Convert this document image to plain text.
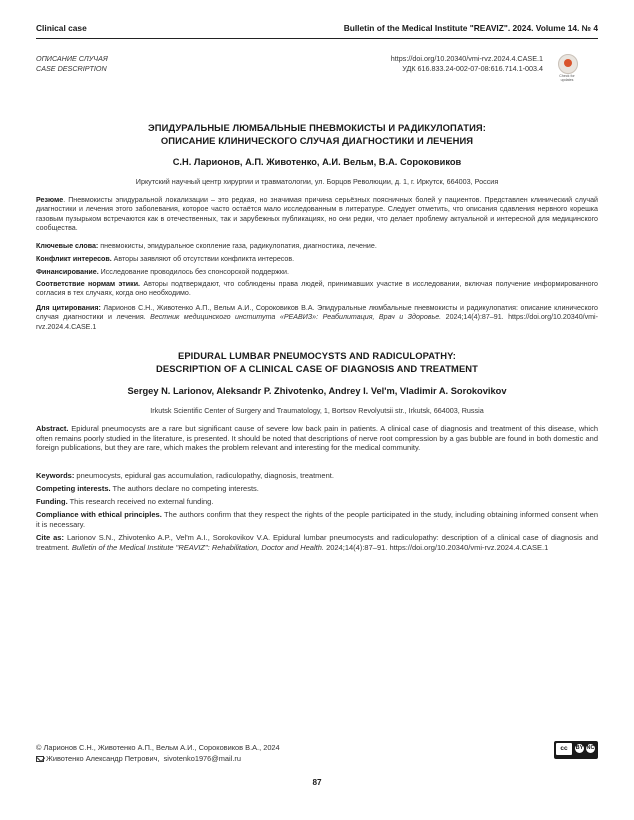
Clinical case	Bulletin of the Medical Institute "REAVIZ". 2024. Volume 14. № 4
ОПИСАНИЕ СЛУЧАЯ
CASE DESCRIPTION
https://doi.org/10.20340/vmi-rvz.2024.4.CASE.1
УДК 616.833.24-002-07-08:616.714.1-003.4
Check for updates
ЭПИДУРАЛЬНЫЕ ЛЮМБАЛЬНЫЕ ПНЕВМОКИСТЫ И РАДИКУЛОПАТИЯ:
ОПИСАНИЕ КЛИНИЧЕСКОГО СЛУЧАЯ ДИАГНОСТИКИ И ЛЕЧЕНИЯ
С.Н. Ларионов, А.П. Животенко, А.И. Вельм, В.А. Сороковиков
Иркутский научный центр хирургии и травматологии, ул. Борцов Революции, д. 1, г. Иркутск, 664003, Россия
Резюме. Пневмокисты эпидуральной локализации – это редкая, но значимая причина серьёзных поясничных болей у пациентов. Представлен клинический случай диагностики и лечения этого заболевания, которое часто остаётся мало исследованным в литературе. Следует отметить, что описания сдавления нервного корешка газовым пузырьком встречаются как в отечественных, так и зарубежных публикациях, но они редки, что делает проблему актуальной и интересной для медицинского сообщества.
Ключевые слова: пневмокисты, эпидуральное скопление газа, радикулопатия, диагностика, лечение.
Конфликт интересов. Авторы заявляют об отсутствии конфликта интересов.
Финансирование. Исследование проводилось без спонсорской поддержки.
Соответствие нормам этики. Авторы подтверждают, что соблюдены права людей, принимавших участие в исследовании, включая получение информированного согласия в тех случаях, когда оно необходимо.
Для цитирования: Ларионов С.Н., Животенко А.П., Вельм А.И., Сороковиков В.А. Эпидуральные люмбальные пневмокисты и радикулопатия: описание клинического случая диагностики и лечения. Вестник медицинского института «РЕАВИЗ»: Реабилитация, Врач и Здоровье. 2024;14(4):87–91. https://doi.org/10.20340/vmi-rvz.2024.4.CASE.1
EPIDURAL LUMBAR PNEUMOCYSTS AND RADICULOPATHY:
DESCRIPTION OF A CLINICAL CASE OF DIAGNOSIS AND TREATMENT
Sergey N. Larionov, Aleksandr P. Zhivotenko, Andrey I. Vel'm, Vladimir A. Sorokovikov
Irkutsk Scientific Center of Surgery and Traumatology, 1, Bortsov Revolyutsii str., Irkutsk, 664003, Russia
Abstract. Epidural pneumocysts are a rare but significant cause of severe low back pain in patients. A clinical case of diagnosis and treatment of this disease, which often remains poorly studied in the literature, is presented. It should be noted that descriptions of nerve root compression by a gas bubble are found in both domestic and foreign publications, but they are rare, which makes the problem relevant and interesting for the medical community.
Keywords: pneumocysts, epidural gas accumulation, radiculopathy, diagnosis, treatment.
Competing interests. The authors declare no competing interests.
Funding. This research received no external funding.
Compliance with ethical principles. The authors confirm that they respect the rights of the people participated in the study, including obtaining informed consent when it is necessary.
Cite as: Larionov S.N., Zhivotenko A.P., Vel'm A.I., Sorokovikov V.A. Epidural lumbar pneumocysts and radiculopathy: description of a clinical case of diagnosis and treatment. Bulletin of the Medical Institute "REAVIZ": Rehabilitation, Doctor and Health. 2024;14(4):87–91. https://doi.org/10.20340/vmi-rvz.2024.4.CASE.1
© Ларионов С.Н., Животенко А.П., Вельм А.И., Сороковиков В.А., 2024
Животенко Александр Петрович, sivotenko1976@mail.ru
cc	BY NC
87
